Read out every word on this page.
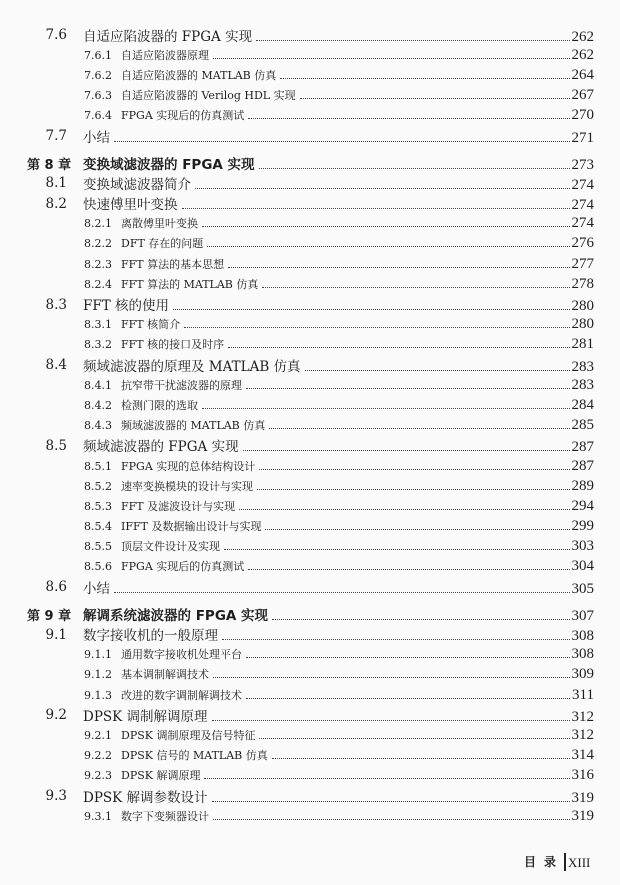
7.6 自适应陷波器的 FPGA 实现	262
7.6.1 自适应陷波器原理	262
7.6.2 自适应陷波器的 MATLAB 仿真	264
7.6.3 自适应陷波器的 Verilog HDL 实现	267
7.6.4 FPGA 实现后的仿真测试	270
7.7 小结	271
第 8 章 变换域滤波器的 FPGA 实现	273
8.1 变换域滤波器简介	274
8.2 快速傅里叶变换	274
8.2.1 离散傅里叶变换	274
8.2.2 DFT 存在的问题	276
8.2.3 FFT 算法的基本思想	277
8.2.4 FFT 算法的 MATLAB 仿真	278
8.3 FFT 核的使用	280
8.3.1 FFT 核简介	280
8.3.2 FFT 核的接口及时序	281
8.4 频域滤波器的原理及 MATLAB 仿真	283
8.4.1 抗窄带干扰滤波器的原理	283
8.4.2 检测门限的选取	284
8.4.3 频域滤波器的 MATLAB 仿真	285
8.5 频域滤波器的 FPGA 实现	287
8.5.1 FPGA 实现的总体结构设计	287
8.5.2 速率变换模块的设计与实现	289
8.5.3 FFT 及滤波设计与实现	294
8.5.4 IFFT 及数据输出设计与实现	299
8.5.5 顶层文件设计及实现	303
8.5.6 FPGA 实现后的仿真测试	304
8.6 小结	305
第 9 章 解调系统滤波器的 FPGA 实现	307
9.1 数字接收机的一般原理	308
9.1.1 通用数字接收机处理平台	308
9.1.2 基本调制解调技术	309
9.1.3 改进的数字调制解调技术	311
9.2 DPSK 调制解调原理	312
9.2.1 DPSK 调制原理及信号特征	312
9.2.2 DPSK 信号的 MATLAB 仿真	314
9.2.3 DPSK 解调原理	316
9.3 DPSK 解调参数设计	319
9.3.1 数字下变频器设计	319
目录 XIII
